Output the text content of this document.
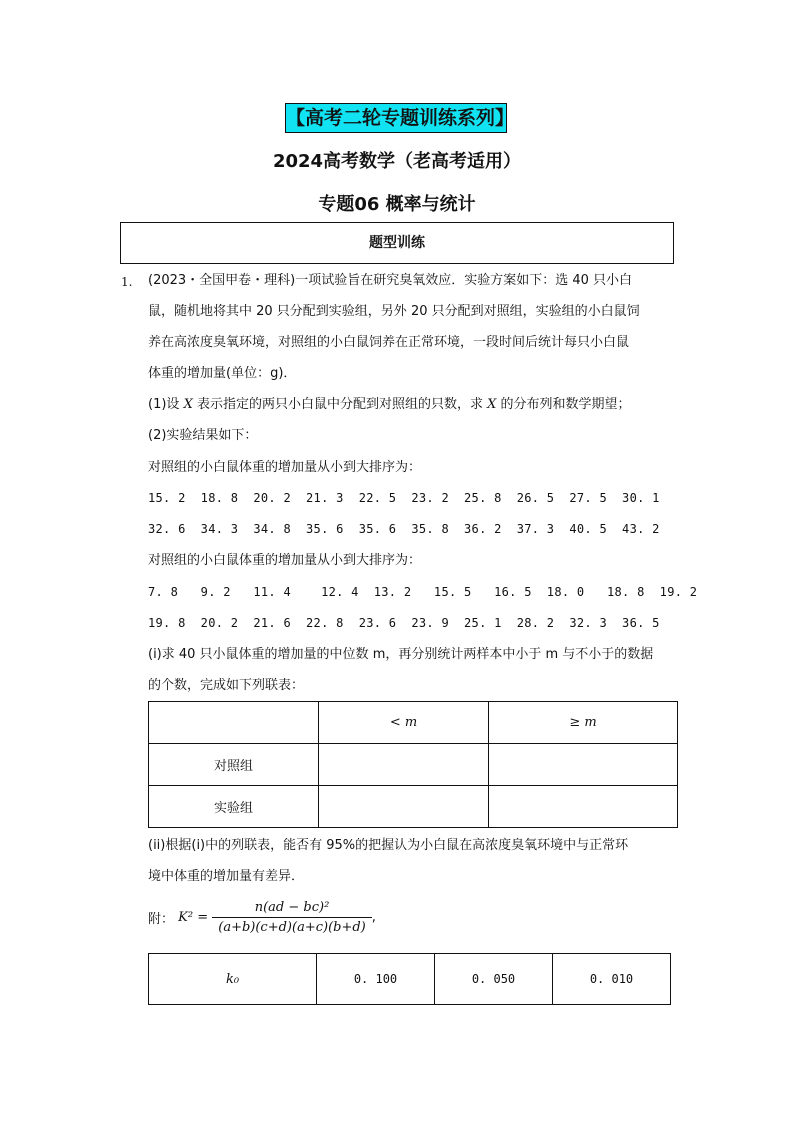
【高考二轮专题训练系列】
2024高考数学（老高考适用）
专题06 概率与统计
题型训练
1. (2023・全国甲卷・理科)一项试验旨在研究臭氧效应．实验方案如下：选 40 只小白
鼠，随机地将其中 20 只分配到实验组，另外 20 只分配到对照组，实验组的小白鼠饲
养在高浓度臭氧环境，对照组的小白鼠饲养在正常环境，一段时间后统计每只小白鼠
体重的增加量(单位：g)．
(1)设 X 表示指定的两只小白鼠中分配到对照组的只数，求 X 的分布列和数学期望；
(2)实验结果如下：
对照组的小白鼠体重的增加量从小到大排序为：
15. 2  18. 8  20. 2  21. 3  22. 5  23. 2  25. 8  26. 5  27. 5  30. 1
32. 6  34. 3  34. 8  35. 6  35. 6  35. 8  36. 2  37. 3  40. 5  43. 2
对照组的小白鼠体重的增加量从小到大排序为：
7. 8   9. 2   11. 4    12. 4  13. 2   15. 5   16. 5  18. 0   18. 8  19. 2
19. 8  20. 2  21. 6  22. 8  23. 6  23. 9  25. 1  28. 2  32. 3  36. 5
(i)求 40 只小鼠体重的增加量的中位数 m，再分别统计两样本中小于 m 与不小于的数据
的个数，完成如下列联表：
	< m	≥ m
对照组		
实验组		
(ii)根据(i)中的列联表，能否有 95%的把握认为小白鼠在高浓度臭氧环境中与正常环
境中体重的增加量有差异．
附： $K^2 = \frac{\text{n(ad − bc)²}}{(a+b)(c+d)(a+c)(b+d)}$ ,
k₀	0. 100	0. 050	0. 010
